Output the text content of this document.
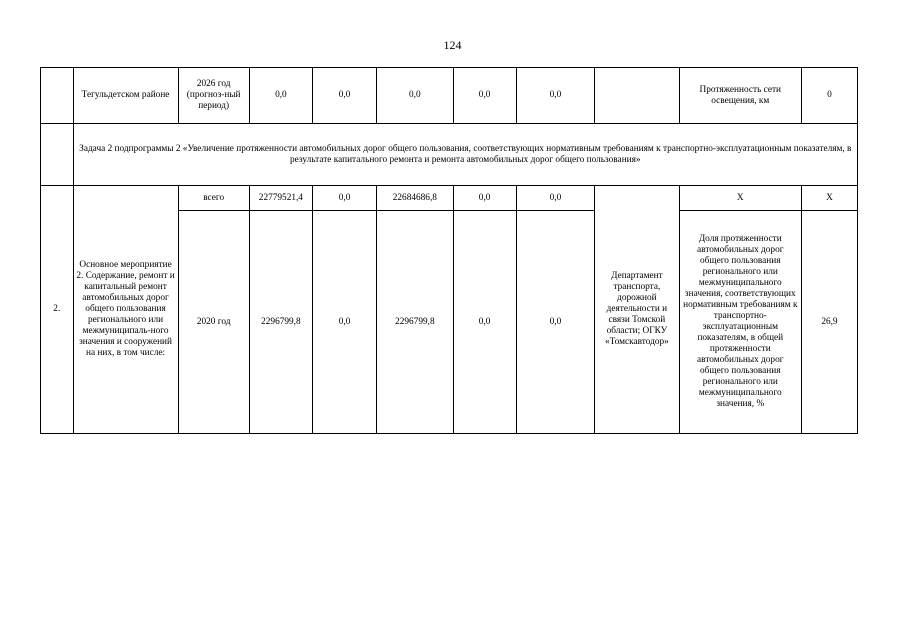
124
	Тегульдетском районе	2026 год (прогноз-ный период)	0,0	0,0	0,0	0,0	0,0		Протяженность сети освещения, км	0
	Задача 2 подпрограммы 2 «Увеличение протяженности автомобильных дорог общего пользования, соответствующих нормативным требованиям к транспортно-эксплуатационным показателям, в результате капитального ремонта и ремонта автомобильных дорог общего пользования»									
2.	Основное мероприятие 2. Содержание, ремонт и капитальный ремонт автомобильных дорог общего пользования регионального или межмуниципаль-ного значения и сооружений на них, в том числе:	всего	22779521,4	0,0	22684686,8	0,0	0,0	Департамент транспорта, дорожной деятельности и связи Томской области; ОГКУ «Томскавтодор»	Х	Х
		2020 год	2296799,8	0,0	2296799,8	0,0	0,0		Доля протяженности автомобильных дорог общего пользования регионального или межмуниципального значения, соответствующих нормативным требованиям к транспортно-эксплуатационным показателям, в общей протяженности автомобильных дорог общего пользования регионального или межмуниципального значения, %	26,9
